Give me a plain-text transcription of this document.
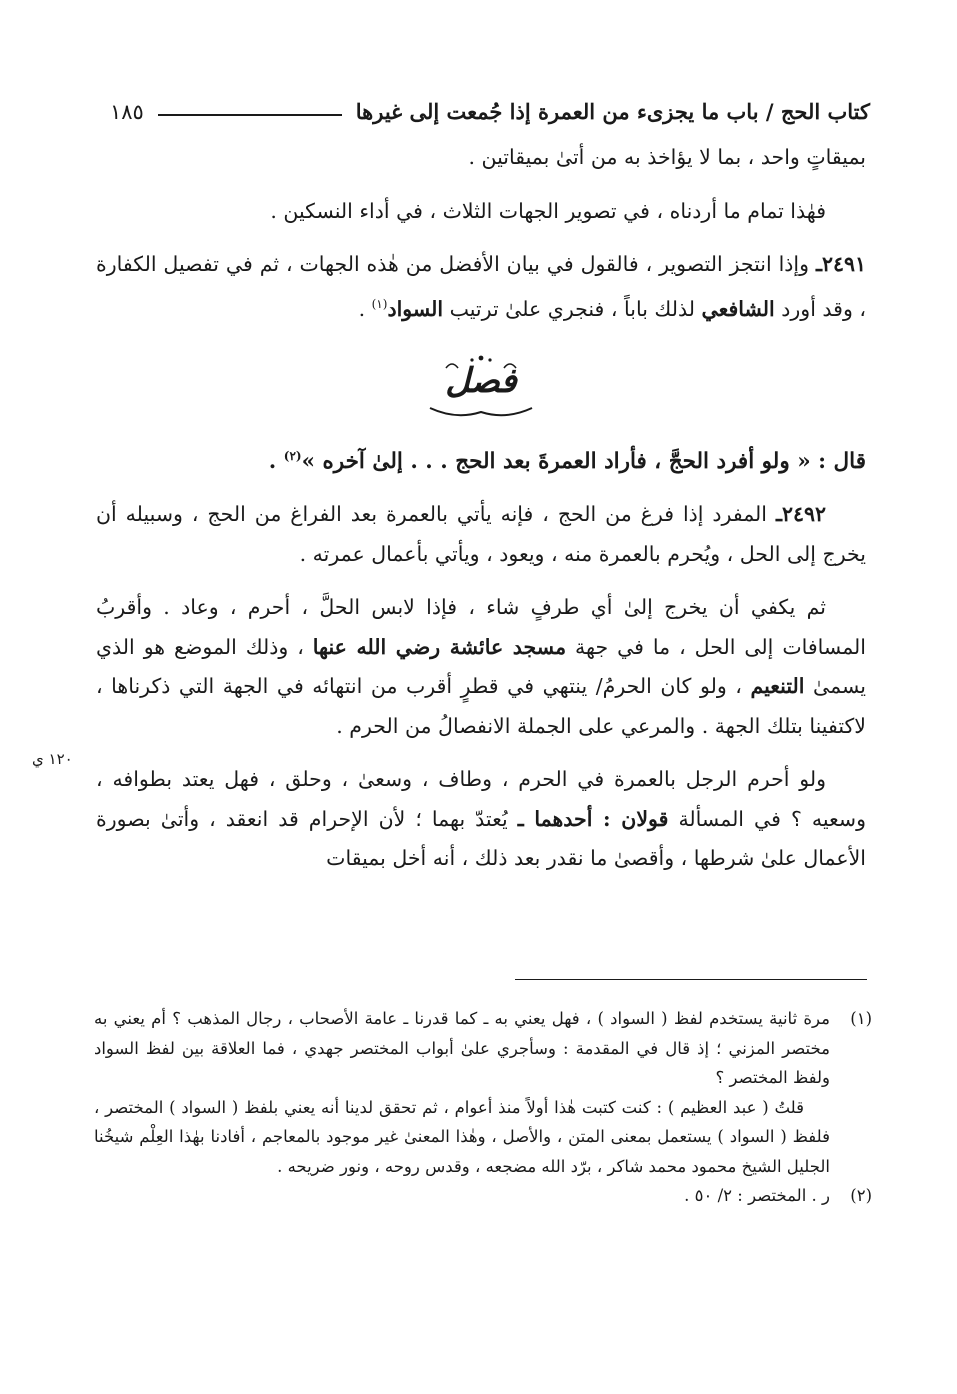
كتاب الحج / باب ما يجزىء من العمرة إذا جُمعت إلى غيرها
١٨٥

بميقاتٍ واحد ، بما لا يؤاخذ به من أتىٰ بميقاتين .

فهٰذا تمام ما أردناه ، في تصوير الجهات الثلاث ، في أداء النسكين .

٢٤٩١ـ وإذا انتجز التصوير ، فالقول في بيان الأفضل من هٰذه الجهات ، ثم في تفصيل الكفارة ، وقد أورد الشافعي لذلك باباً ، فنجري علىٰ ترتيب السواد$^{(١)}$ .

فصل

قال : « ولو أفرد الحجَّ ، فأراد العمرةَ بعد الحج . . . إلىٰ آخره »$^{(٢)}$ .

٢٤٩٢ـ المفرد إذا فرغ من الحج ، فإنه يأتي بالعمرة بعد الفراغ من الحج ، وسبيله أن يخرج إلى الحل ، ويُحرم بالعمرة منه ، ويعود ، ويأتي بأعمال عمرته .

ثم يكفي أن يخرج إلىٰ أي طرفٍ شاء ، فإذا لابس الحلَّ ، أحرم ، وعاد . وأقربُ المسافات إلى الحل ، ما في جهة مسجد عائشة رضي الله عنها ، وذلك الموضع هو الذي يسمىٰ التنعيم ، ولو كان الحرمُ/ ينتهي في قطرٍ أقرب من انتهائه في الجهة التي ذكرناها ، لاكتفينا بتلك الجهة . والمرعي على الجملة الانفصالُ من الحرم .

ولو أحرم الرجل بالعمرة في الحرم ، وطاف ، وسعىٰ ، وحلق ، فهل يعتد بطوافه ، وسعيه ؟ في المسألة قولان : أحدهما ـ يُعتدّ بهما ؛ لأن الإحرام قد انعقد ، وأتىٰ بصورة الأعمال علىٰ شرطها ، وأقصىٰ ما نقدر بعد ذلك ، أنه أخل بميقات

١٢٠ ي
(١)

مرة ثانية يستخدم لفظ ( السواد ) ، فهل يعني به ـ كما قدرنا ـ عامة الأصحاب ، رجال المذهب ؟ أم يعني به مختصر المزني ؛ إذ قال في المقدمة : وسأجري علىٰ أبواب المختصر جهدي ، فما العلاقة بين لفظ السواد ولفظ المختصر ؟

قلتُ ( عبد العظيم ) : كنت كتبت هٰذا أولاً منذ أعوام ، ثم تحقق لدينا أنه يعني بلفظ ( السواد ) المختصر ، فلفظ ( السواد ) يستعمل بمعنى المتن ، والأصل ، وهٰذا المعنىٰ غير موجود بالمعاجم ، أفادنا بهٰذا العِلْم شيخُنا الجليل الشيخ محمود محمد شاكر ، برّد الله مضجعه ، وقدس روحه ، ونور ضريحه .

(٢)

ر . المختصر : ٢/ ٥٠ .
